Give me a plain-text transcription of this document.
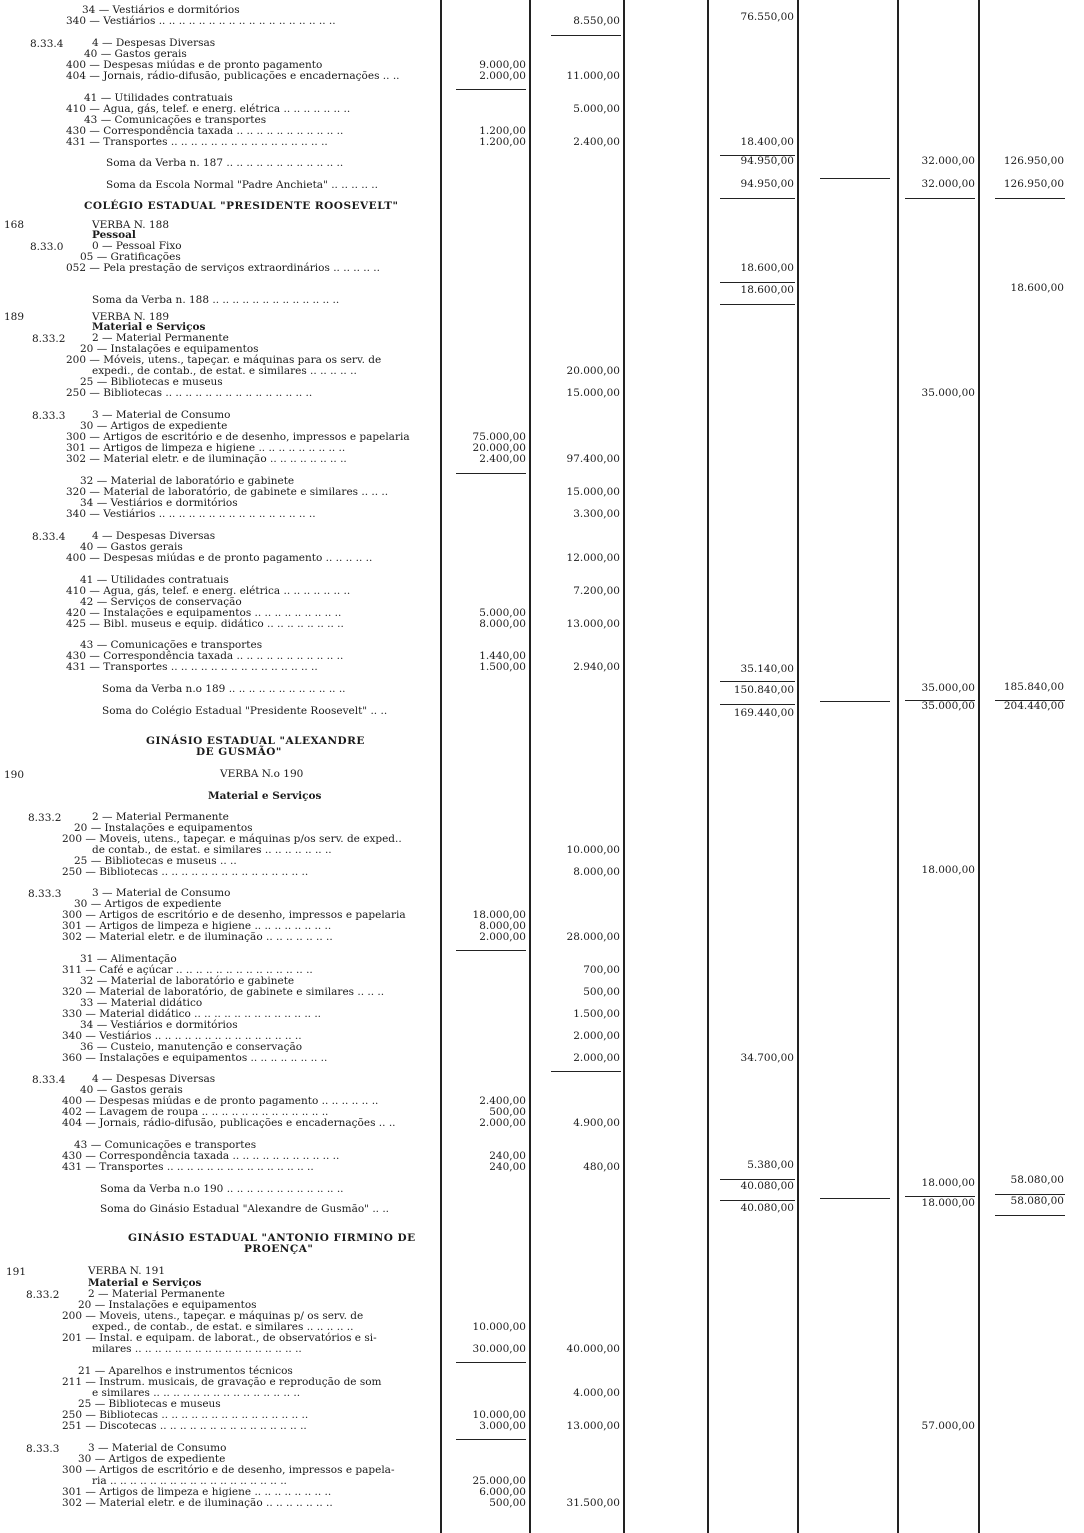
34 — Vestiários e dormitórios
340 — Vestiários .. .. .. .. .. .. .. .. .. .. .. .. .. .. .. .. .. ..
4 — Despesas Diversas
40 — Gastos gerais
400 — Despesas miúdas e de pronto pagamento
404 — Jornais, rádio-difusão, publicações e encadernações .. ..
41 — Utilidades contratuais
410 — Agua, gás, telef. e energ. elétrica .. .. .. .. .. .. ..
43 — Comunicações e transportes
430 — Correspondência taxada .. .. .. .. .. .. .. .. .. .. ..
431 — Transportes .. .. .. .. .. .. .. .. .. .. .. .. .. .. .. ..
Soma da Verba n. 187 .. .. .. .. .. .. .. .. .. .. .. ..
Soma da Escola Normal "Padre Anchieta" .. .. .. .. ..
Pessoal
0 — Pessoal Fixo
05 — Gratificações
052 — Pela prestação de serviços extraordinários .. .. .. .. ..
Soma da Verba n. 188 .. .. .. .. .. .. .. .. .. .. .. .. ..
Material e Serviços
2 — Material Permanente
20 — Instalações e equipamentos
200 — Móveis, utens., tapeçar. e máquinas para os serv. de
expedi., de contab., de estat. e similares .. .. .. .. ..
25 — Bibliotecas e museus
250 — Bibliotecas .. .. .. .. .. .. .. .. .. .. .. .. .. .. ..
3 — Material de Consumo
30 — Artigos de expediente
300 — Artigos de escritório e de desenho, impressos e papelaria
301 — Artigos de limpeza e higiene .. .. .. .. .. .. .. .. ..
302 — Material eletr. e de iluminação .. .. .. .. .. .. .. ..
32 — Material de laboratório e gabinete
320 — Material de laboratório, de gabinete e similares .. .. ..
34 — Vestiários e dormitórios
340 — Vestiários .. .. .. .. .. .. .. .. .. .. .. .. .. .. .. ..
4 — Despesas Diversas
40 — Gastos gerais
400 — Despesas miúdas e de pronto pagamento .. .. .. .. ..
41 — Utilidades contratuais
410 — Agua, gás, telef. e energ. elétrica .. .. .. .. .. .. ..
42 — Serviços de conservação
420 — Instalações e equipamentos .. .. .. .. .. .. .. .. ..
425 — Bibl. museus e equip. didático .. .. .. .. .. .. .. ..
43 — Comunicações e transportes
430 — Correspondência taxada .. .. .. .. .. .. .. .. .. .. ..
431 — Transportes .. .. .. .. .. .. .. .. .. .. .. .. .. .. ..
Soma da Verba n.o 189 .. .. .. .. .. .. .. .. .. .. .. ..
Soma do Colégio Estadual "Presidente Roosevelt" .. ..
VERBA N.o 190
Material e Serviços
2 — Material Permanente
20 — Instalações e equipamentos
200 — Moveis, utens., tapeçar. e máquinas p/os serv. de exped..
de contab., de estat. e similares .. .. .. .. .. .. ..
25 — Bibliotecas e museus .. ..
250 — Bibliotecas .. .. .. .. .. .. .. .. .. .. .. .. .. .. ..
3 — Material de Consumo
30 — Artigos de expediente
300 — Artigos de escritório e de desenho, impressos e papelaria
301 — Artigos de limpeza e higiene .. .. .. .. .. .. .. ..
302 — Material eletr. e de iluminação .. .. .. .. .. .. ..
31 — Alimentação
311 — Café e açúcar .. .. .. .. .. .. .. .. .. .. .. .. .. ..
32 — Material de laboratório e gabinete
320 — Material de laboratório, de gabinete e similares .. .. ..
33 — Material didático
330 — Material didático .. .. .. .. .. .. .. .. .. .. .. .. ..
34 — Vestiários e dormitórios
340 — Vestiários .. .. .. .. .. .. .. .. .. .. .. .. .. .. ..
36 — Custeio, manutenção e conservação
360 — Instalações e equipamentos .. .. .. .. .. .. .. ..
4 — Despesas Diversas
40 — Gastos gerais
400 — Despesas miúdas e de pronto pagamento .. .. .. .. .. ..
402 — Lavagem de roupa .. .. .. .. .. .. .. .. .. .. .. .. ..
404 — Jornais, rádio-difusão, publicações e encadernações .. ..
43 — Comunicações e transportes
430 — Correspondência taxada .. .. .. .. .. .. .. .. .. .. ..
431 — Transportes .. .. .. .. .. .. .. .. .. .. .. .. .. .. ..
Soma da Verba n.o 190 .. .. .. .. .. .. .. .. .. .. .. ..
Soma do Ginásio Estadual "Alexandre de Gusmão" .. ..
VERBA N. 191
Material e Serviços
2 — Material Permanente
20 — Instalações e equipamentos
200 — Moveis, utens., tapeçar. e máquinas p/ os serv. de
exped., de contab., de estat. e similares .. .. .. .. ..
201 — Instal. e equipam. de laborat., de observatórios e si-
milares .. .. .. .. .. .. .. .. .. .. .. .. .. .. .. .. ..
21 — Aparelhos e instrumentos técnicos
211 — Instrum. musicais, de gravação e reprodução de som
e similares .. .. .. .. .. .. .. .. .. .. .. .. .. .. ..
25 — Bibliotecas e museus
250 — Bibliotecas .. .. .. .. .. .. .. .. .. .. .. .. .. .. ..
251 — Discotecas .. .. .. .. .. .. .. .. .. .. .. .. .. .. ..
3 — Material de Consumo
30 — Artigos de expediente
300 — Artigos de escritório e de desenho, impressos e papela-
ria .. .. .. .. .. .. .. .. .. .. .. .. .. .. .. .. .. ..
301 — Artigos de limpeza e higiene .. .. .. .. .. .. .. ..
302 — Material eletr. e de iluminação .. .. .. .. .. .. ..
8.33.4
168
8.33.0
189
8.33.2
8.33.3
8.33.4
190
8.33.2
8.33.3
8.33.4
191
8.33.2
8.33.3
COLÉGIO ESTADUAL "PRESIDENTE ROOSEVELT"
VERBA N. 188
VERBA N. 189
GINÁSIO ESTADUAL "ALEXANDRE
DE GUSMÃO"
GINÁSIO ESTADUAL "ANTONIO FIRMINO DE
PROENÇA"
9.000,00
2.000,00
1.200,00
1.200,00
75.000,00
20.000,00
2.400,00
5.000,00
8.000,00
1.440,00
1.500,00
18.000,00
8.000,00
2.000,00
2.400,00
500,00
2.000,00
240,00
240,00
10.000,00
30.000,00
10.000,00
3.000,00
25.000,00
6.000,00
500,00
8.550,00
11.000,00
5.000,00
2.400,00
20.000,00
15.000,00
97.400,00
15.000,00
3.300,00
12.000,00
7.200,00
13.000,00
2.940,00
10.000,00
8.000,00
28.000,00
700,00
500,00
1.500,00
2.000,00
2.000,00
4.900,00
480,00
40.000,00
4.000,00
13.000,00
31.500,00
76.550,00
18.400,00
94.950,00
94.950,00
18.600,00
18.600,00
35.140,00
150.840,00
169.440,00
34.700,00
5.380,00
40.080,00
40.080,00
32.000,00
32.000,00
35.000,00
35.000,00
35.000,00
18.000,00
18.000,00
18.000,00
57.000,00
126.950,00
126.950,00
18.600,00
185.840,00
204.440,00
58.080,00
58.080,00
